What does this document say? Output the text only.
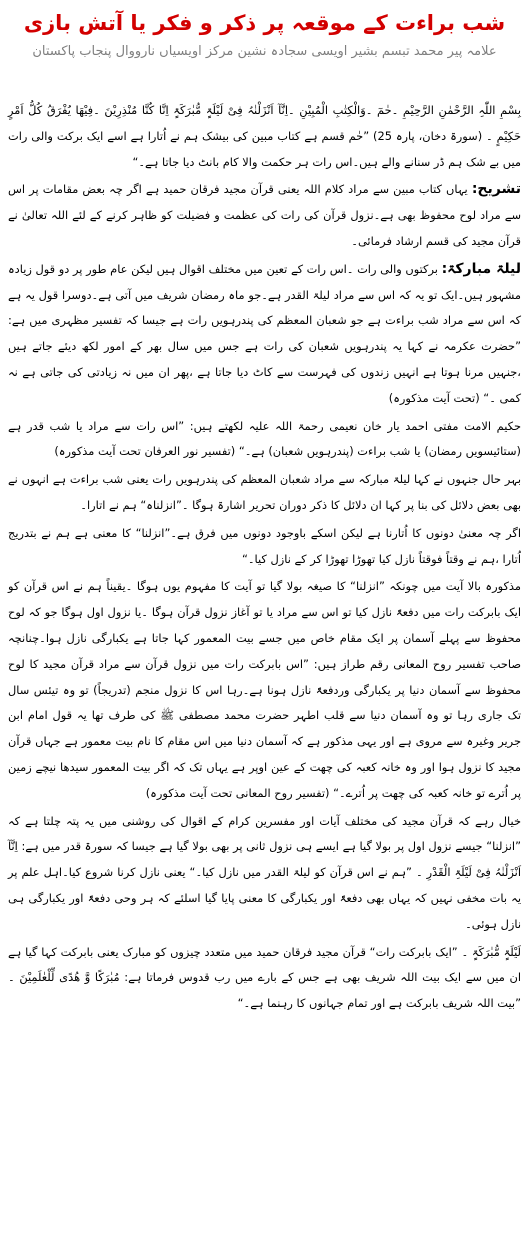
شب براءت کے موقعہ پر ذکر و فکر یا آتش بازی
علامہ پیر محمد تبسم بشیر اویسی سجادہ نشین مرکز اویسیاں نارووال پنجاب پاکستان
بِسْمِ اللّٰہِ الرَّحْمٰنِ الرَّحِیْمِ ۔حٰمٓ ۔وَالْکِتٰبِ الْمُبِیْنِ ۔اِنَّآ اَنْزَلْنٰہُ فِیْ لَیْلَۃٍ مُّبٰرَکَۃٍ اِنَّا کُنَّا مُنْذِرِیْنَ ۔فِیْھَا یُفْرَقُ کُلُّ اَمْرٍ حَکِیْمٍ ۔ (سورۃ دخان، پارہ 25) ”حٰم قسم ہے کتاب مبین کی بیشک ہم نے اُتارا ہے اسے ایک برکت والی رات میں بے شک ہم ڈر سنانے والے ہیں۔اس رات ہر حکمت والا کام بانٹ دیا جاتا ہے۔“
تشریح: یہاں کتاب مبین سے مراد کلام اللہ یعنی قرآن مجید فرقان حمید ہے اگر چہ بعض مقامات پر اس سے مراد لوح محفوظ بھی ہے۔نزول قرآن کی رات کی عظمت و فضیلت کو ظاہر کرنے کے لئے اللہ تعالیٰ نے قرآن مجید کی قسم ارشاد فرمائی۔
لیلۃ مبارکۃ: برکتوں والی رات ۔اس رات کے تعین میں مختلف اقوال ہیں لیکن عام طور پر دو قول زیادہ مشہور ہیں۔ایک تو یہ کہ اس سے مراد لیلۃ القدر ہے۔جو ماہ رمضان شریف میں آتی ہے۔دوسرا قول یہ ہے کہ اس سے مراد شب براءت ہے جو شعبان المعظم کی پندرہویں رات ہے جیسا کہ تفسیر مظہری میں ہے: ”حضرت عکرمہ نے کہا یہ پندرہویں شعبان کی رات ہے جس میں سال بھر کے امور لکھ دیئے جاتے ہیں ،جنہیں مرنا ہوتا ہے انہیں زندوں کی فہرست سے کاٹ دیا جاتا ہے ،پھر ان میں نہ زیادتی کی جاتی ہے نہ کمی ۔“ (تحت آیت مذکورہ)
حکیم الامت مفتی احمد یار خان نعیمی رحمۃ اللہ علیہ لکھتے ہیں: ”اس رات سے مراد یا شب قدر ہے (ستائیسویں رمضان) یا شب براءت (پندرہویں شعبان) ہے۔“ (تفسیر نور العرفان تحت آیت مذکورہ)
بہر حال جنہوں نے کہا لیلۃ مبارکہ سے مراد شعبان المعظم کی پندرہویں رات یعنی شب براءت ہے انہوں نے بھی بعض دلائل کی بنا پر کہا ان دلائل کا ذکر دوران تحریر اشارۃ ہوگا ۔”انزلناہ“ ہم نے اتارا۔
اگر چہ معنیٰ دونوں کا اُتارنا ہے لیکن اسکے باوجود دونوں میں فرق ہے۔”انزلنا“ کا معنی ہے ہم نے بتدریج اُتارا ،ہم نے وقتاً فوقتاً نازل کیا تھوڑا تھوڑا کر کے نازل کیا۔“
مذکورہ بالا آیت میں چونکہ ”انزلنا“ کا صیغہ بولا گیا تو آیت کا مفہوم یوں ہوگا ۔یقیناً ہم نے اس قرآن کو ایک بابرکت رات میں دفعۃً نازل کیا تو اس سے مراد یا تو آغاز نزول قرآن ہوگا ۔یا نزول اول ہوگا جو کہ لوح محفوظ سے پہلے آسمان پر ایک مقام خاص میں جسے بیت المعمور کہا جاتا ہے یکبارگی نازل ہوا۔چنانچہ صاحب تفسیر روح المعانی رقم طراز ہیں: ”اس بابرکت رات میں نزول قرآن سے مراد قرآن مجید کا لوح محفوظ سے آسمان دنیا پر یکبارگی وردفعۃً نازل ہونا ہے۔رہا اس کا نزول منجم (تدریجاً) تو وہ تیئس سال تک جاری رہا تو وہ آسمان دنیا سے قلب اطہر حضرت محمد مصطفی ﷺ کی طرف تھا یہ قول امام ابن جریر وغیرہ سے مروی ہے اور یہی مذکور ہے کہ آسمان دنیا میں اس مقام کا نام بیت معمور ہے جہاں قرآن مجید کا نزول ہوا اور وہ خانہ کعبہ کی چھت کے عین اوپر ہے یہاں تک کہ اگر بیت المعمور سیدھا نیچے زمین پر اُترے تو خانہ کعبہ کی چھت پر اُترے۔“ (تفسیر روح المعانی تحت آیت مذکورہ)
خیال رہے کہ قرآن مجید کی مختلف آیات اور مفسرین کرام کے اقوال کی روشنی میں یہ پتہ چلتا ہے کہ ”انزلنا“ جیسے نزول اول پر بولا گیا ہے ایسے ہی نزول ثانی پر بھی بولا گیا ہے جیسا کہ سورۃ قدر میں ہے: اِنَّآ اَنْزَلْنٰہُ فِیْ لَیْلَۃِ الْقَدْرِ ۔ ”ہم نے اس قرآن کو لیلۃ القدر میں نازل کیا۔“ یعنی نازل کرنا شروع کیا۔اہل علم پر یہ بات مخفی نہیں کہ یہاں بھی دفعۃً اور یکبارگی کا معنی پایا گیا اسلئے کہ ہر وحی دفعۃً اور یکبارگی ہی نازل ہوئی۔
لَیْلَۃٍ مُّبٰرَکَۃٍ ۔ ”ایک بابرکت رات“ قرآن مجید فرقان حمید میں متعدد چیزوں کو مبارک یعنی بابرکت کہا گیا ہے ان میں سے ایک بیت اللہ شریف بھی ہے جس کے بارے میں رب قدوس فرماتا ہے: مُبٰرَکًا وَّ ھُدًی لِّلْعٰلَمِیْنَ ۔ ”بیت اللہ شریف بابرکت ہے اور تمام جہانوں کا رہنما ہے۔“
